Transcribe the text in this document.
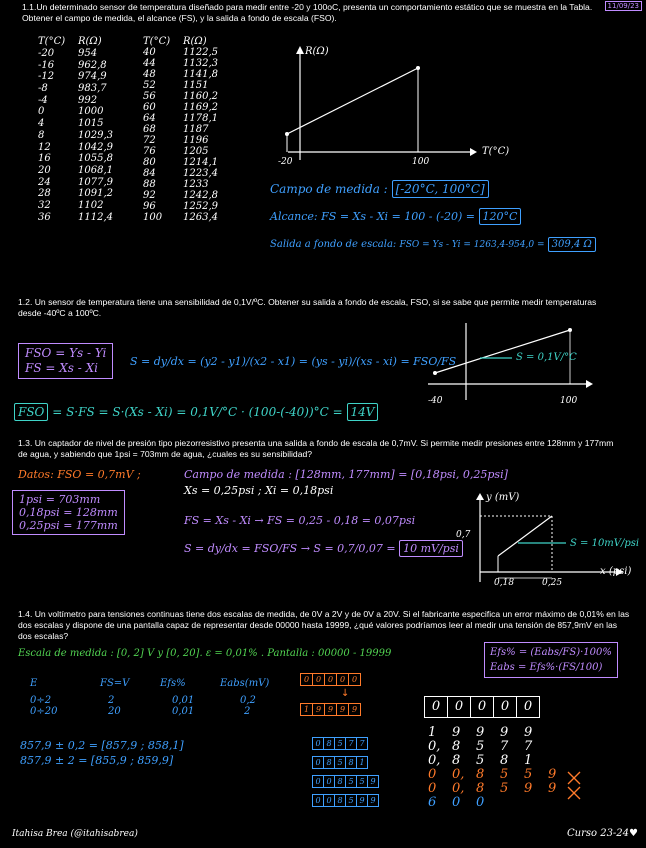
11/09/23
1.1.Un determinado sensor de temperatura diseñado para medir entre -20 y 100oC, presenta un comportamiento estático que se muestra en la Tabla. Obtener el campo de medida, el alcance (FS), y la salida a fondo de escala (FSO).
T(°C)	R(Ω)
-20	954
-16	962,8
-12	974,9
-8	983,7
-4	992
0	1000
4	1015
8	1029,3
12	1042,9
16	1055,8
20	1068,1
24	1077,9
28	1091,2
32	1102
36	1112,4
T(°C)	R(Ω)
40	1122,5
44	1132,3
48	1141,8
52	1151
56	1160,2
60	1169,2
64	1178,1
68	1187
72	1196
76	1205
80	1214,1
84	1223,4
88	1233
92	1242,8
96	1252,9
100	1263,4
R(Ω)
T(°C)
-20	100
Campo de medida : [-20°C, 100°C]
Alcance: FS = Xs - Xi = 100 - (-20) = 120°C
Salida a fondo de escala: FSO = Ys - Yi = 1263,4-954,0 = 309,4 Ω
1.2. Un sensor de temperatura tiene una sensibilidad de 0,1V/ºC. Obtener su salida a fondo de escala, FSO, si se sabe que permite medir temperaturas desde -40ºC a 100ºC.
FSO = Ys - Yi
FS = Xs - Xi	S = dy/dx = (y2 - y1)/(x2 - x1) = (ys - yi)/(xs - xi) = FSO/FS	S = 0,1V/°C
-40	100
FSO = S·FS = S·(Xs - Xi) = 0,1V/°C · (100-(-40))°C = 14V
1.3. Un captador de nivel de presión tipo piezorresistivo presenta una salida a fondo de escala de 0,7mV. Si permite medir presiones entre 128mm y 177mm de agua, y sabiendo que 1psi = 703mm de agua, ¿cuales es su sensibilidad?
Datos: FSO = 0,7mV ;	Campo de medida : [128mm, 177mm] = [0,18psi, 0,25psi]
Xs = 0,25psi ; Xi = 0,18psi
1psi = 703mm
0,18psi = 128mm
0,25psi = 177mm	FS = Xs - Xi → FS = 0,25 - 0,18 = 0,07psi
S = dy/dx = FSO/FS → S = 0,7/0,07 = 10 mV/psi
y (mV)
x (psi)
0,7
0,18	0,25
S = 10mV/psi
1.4. Un voltímetro para tensiones continuas tiene dos escalas de medida, de 0V a 2V y de 0V a 20V. Si el fabricante especifica un error máximo de 0,01% en las dos escalas y dispone de una pantalla capaz de representar desde 00000 hasta 19999, ¿qué valores podríamos leer al medir una tensión de 857,9mV en las dos escalas?
Escala de medida : [0, 2] V y [0, 20]. ε = 0,01% . Pantalla : 00000 - 19999	Efs% = (Eabs/FS)·100%
Eabs = Efs%·(FS/100)
E	FS=V	Efs%	Eabs(mV)
0÷2	2	0,01	0,2
0÷20	20	0,01	2
857,9 ± 0,2 = [857,9 ; 858,1]
857,9 ± 2 = [855,9 ; 859,9]
0 0 0 0 0
↓
1 9 9 9 9
0 8 5 7 7
0 8 5 8 1
0 0 8 5 5 9
0 0 8 5 9 9
0	0	0	0	0
1	9	9	9	9
0, 8	5	7	7
0, 8	5	8	1
0	0, 8	5	5	9
0	0, 8	5	9	9
6	0	0
Itahisa Brea (@itahisabrea)	Curso 23-24♥
